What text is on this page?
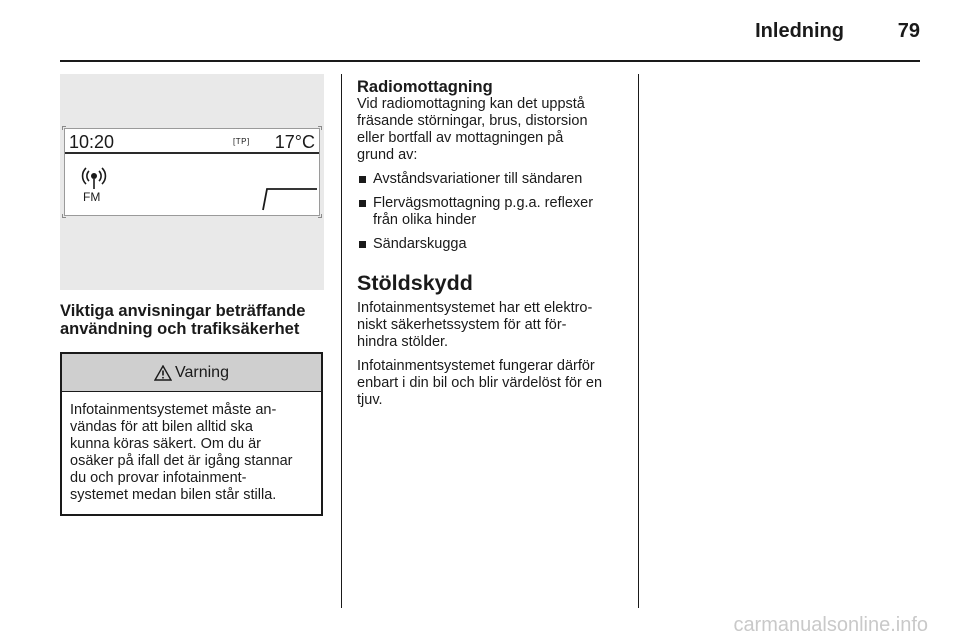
Inledning	79
10:20	[TP] 17°C
FM
Viktiga anvisningar beträffande
användning och trafiksäkerhet
Varning
Infotainmentsystemet måste an-
vändas för att bilen alltid ska
kunna köras säkert. Om du är
osäker på ifall det är igång stannar
du och provar infotainment-
systemet medan bilen står stilla.
Radiomottagning

Vid radiomottagning kan det uppstå
fräsande störningar, brus, distorsion
eller bortfall av mottagningen på
grund av:

Avståndsvariationer till sändaren
Flervägsmottagning p.g.a. reflexer
från olika hinder
Sändarskugga
Stöldskydd

Infotainmentsystemet har ett elektro-
niskt säkerhetssystem för att för-
hindra stölder.

Infotainmentsystemet fungerar därför
enbart i din bil och blir värdelöst för en
tjuv.

carmanualsonline.info
